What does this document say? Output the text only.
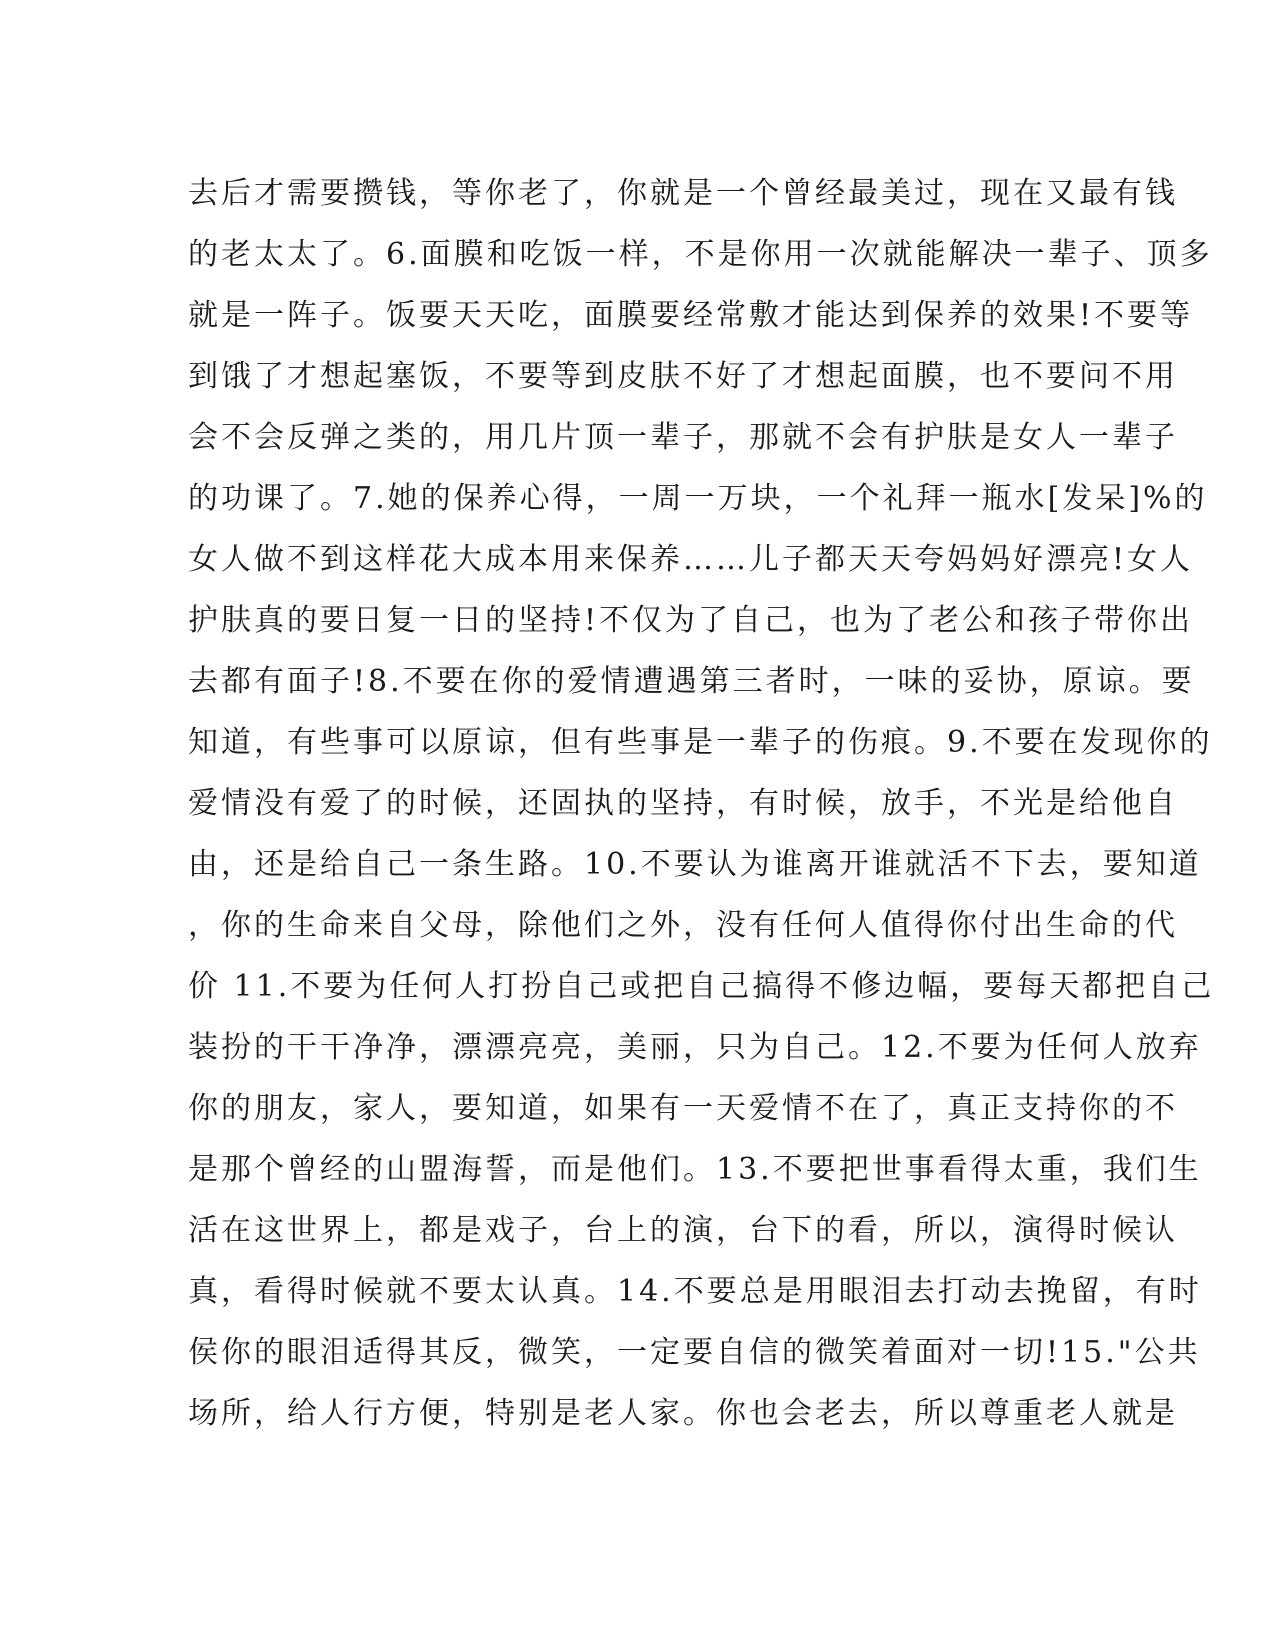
去后才需要攒钱，等你老了，你就是一个曾经最美过，现在又最有钱
的老太太了。6.面膜和吃饭一样，不是你用一次就能解决一辈子、顶多
就是一阵子。饭要天天吃，面膜要经常敷才能达到保养的效果!不要等
到饿了才想起塞饭，不要等到皮肤不好了才想起面膜，也不要问不用
会不会反弹之类的，用几片顶一辈子，那就不会有护肤是女人一辈子
的功课了。7.她的保养心得，一周一万块，一个礼拜一瓶水[发呆]%的
女人做不到这样花大成本用来保养……儿子都天天夸妈妈好漂亮!女人
护肤真的要日复一日的坚持!不仅为了自己，也为了老公和孩子带你出
去都有面子!8.不要在你的爱情遭遇第三者时，一味的妥协，原谅。要
知道，有些事可以原谅，但有些事是一辈子的伤痕。9.不要在发现你的
爱情没有爱了的时候，还固执的坚持，有时候，放手，不光是给他自
由，还是给自己一条生路。10.不要认为谁离开谁就活不下去，要知道
，你的生命来自父母，除他们之外，没有任何人值得你付出生命的代
价 11.不要为任何人打扮自己或把自己搞得不修边幅，要每天都把自己
装扮的干干净净，漂漂亮亮，美丽，只为自己。12.不要为任何人放弃
你的朋友，家人，要知道，如果有一天爱情不在了，真正支持你的不
是那个曾经的山盟海誓，而是他们。13.不要把世事看得太重，我们生
活在这世界上，都是戏子，台上的演，台下的看，所以，演得时候认
真，看得时候就不要太认真。14.不要总是用眼泪去打动去挽留，有时
侯你的眼泪适得其反，微笑，一定要自信的微笑着面对一切!15."公共
场所，给人行方便，特别是老人家。你也会老去，所以尊重老人就是
